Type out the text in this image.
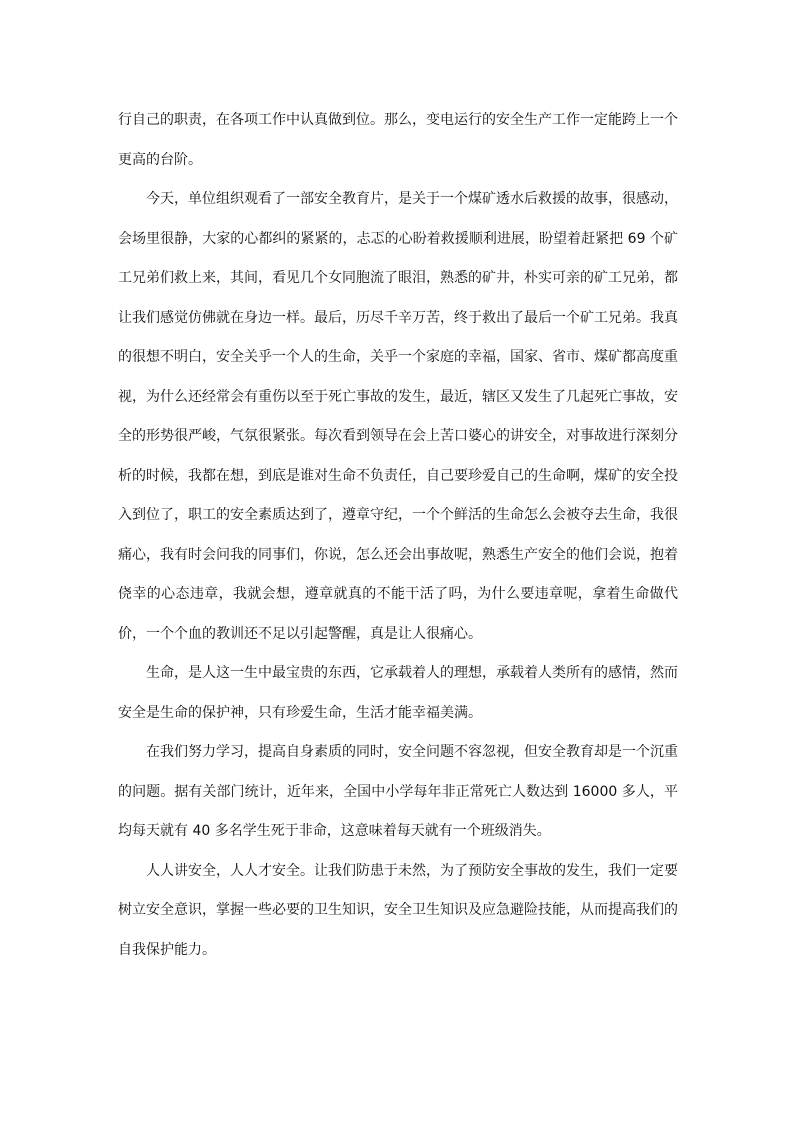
行自己的职责，在各项工作中认真做到位。那么，变电运行的安全生产工作一定能跨上一个更高的台阶。

今天，单位组织观看了一部安全教育片，是关于一个煤矿透水后救援的故事，很感动，会场里很静，大家的心都纠的紧紧的，忐忑的心盼着救援顺利进展，盼望着赶紧把 69 个矿工兄弟们救上来，其间，看见几个女同胞流了眼泪，熟悉的矿井，朴实可亲的矿工兄弟，都让我们感觉仿佛就在身边一样。最后，历尽千辛万苦，终于救出了最后一个矿工兄弟。我真的很想不明白，安全关乎一个人的生命，关乎一个家庭的幸福，国家、省市、煤矿都高度重视，为什么还经常会有重伤以至于死亡事故的发生，最近，辖区又发生了几起死亡事故，安全的形势很严峻，气氛很紧张。每次看到领导在会上苦口婆心的讲安全，对事故进行深刻分析的时候，我都在想，到底是谁对生命不负责任，自己要珍爱自己的生命啊，煤矿的安全投入到位了，职工的安全素质达到了，遵章守纪，一个个鲜活的生命怎么会被夺去生命，我很痛心，我有时会问我的同事们，你说，怎么还会出事故呢，熟悉生产安全的他们会说，抱着侥幸的心态违章，我就会想，遵章就真的不能干活了吗，为什么要违章呢，拿着生命做代价，一个个血的教训还不足以引起警醒，真是让人很痛心。

生命，是人这一生中最宝贵的东西，它承载着人的理想，承载着人类所有的感情，然而安全是生命的保护神，只有珍爱生命，生活才能幸福美满。

在我们努力学习，提高自身素质的同时，安全问题不容忽视，但安全教育却是一个沉重的问题。据有关部门统计，近年来，全国中小学每年非正常死亡人数达到 16000 多人，平均每天就有 40 多名学生死于非命，这意味着每天就有一个班级消失。

人人讲安全，人人才安全。让我们防患于未然，为了预防安全事故的发生，我们一定要树立安全意识，掌握一些必要的卫生知识，安全卫生知识及应急避险技能，从而提高我们的自我保护能力。
